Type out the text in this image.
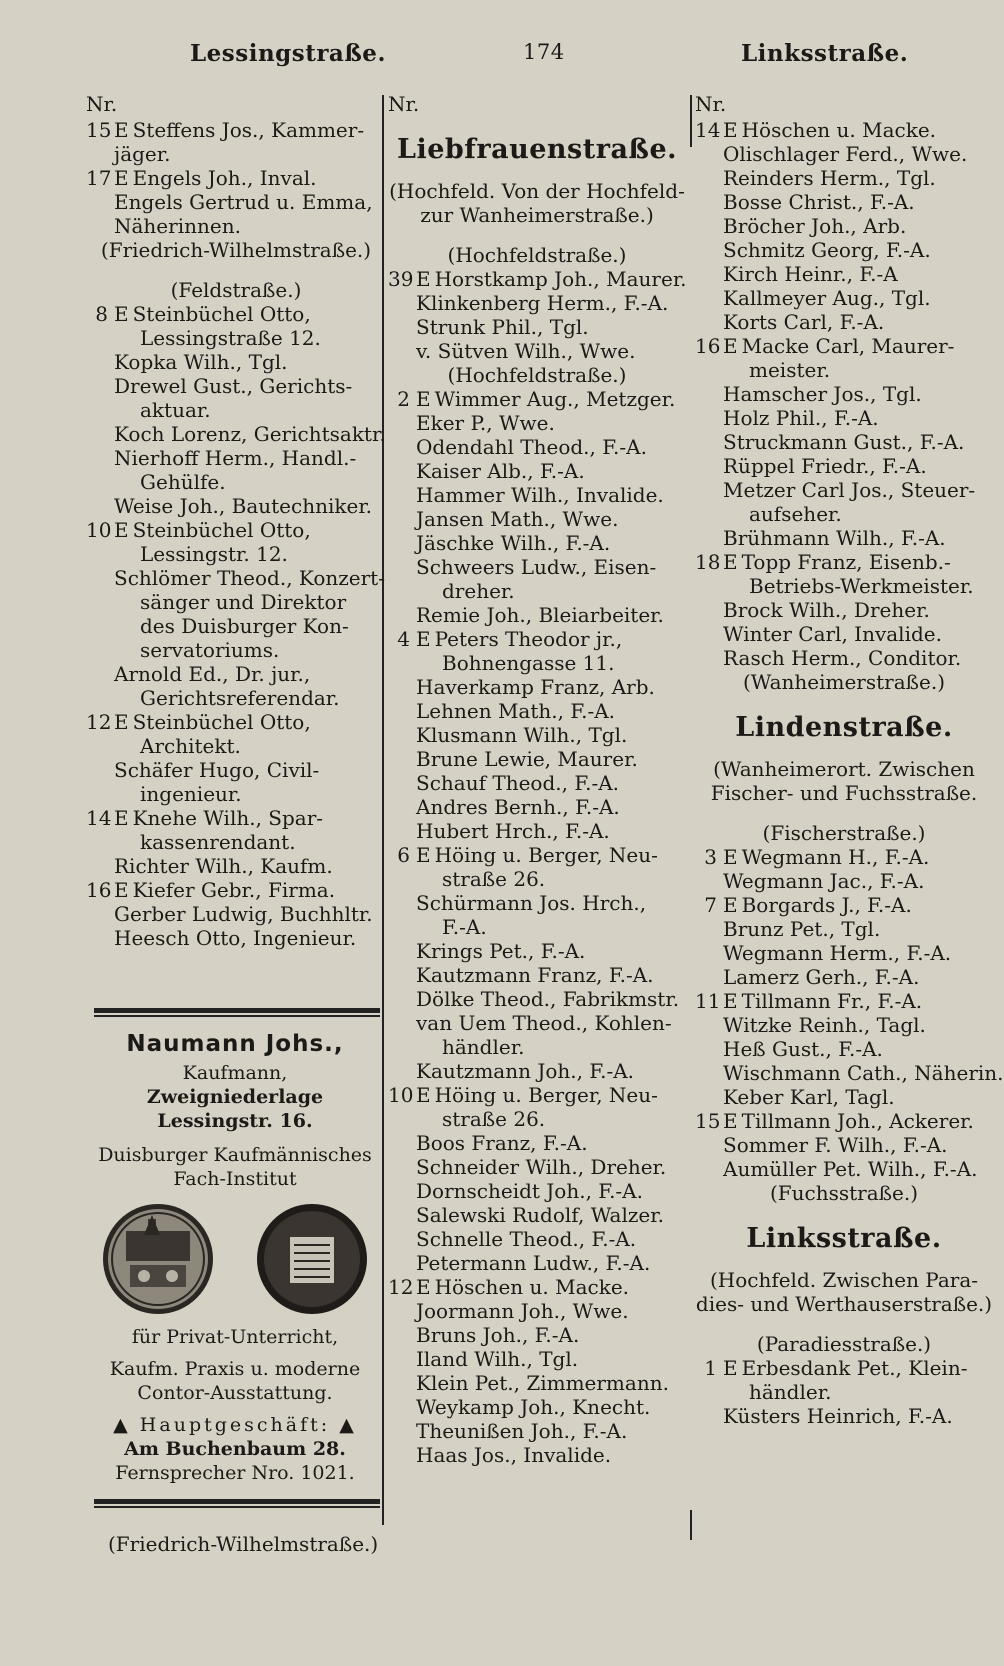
Lessingstraße.	174	Linksstraße.
Nr.
15 E Steffens Jos., Kammer-
jäger.
17 E Engels Joh., Inval.
Engels Gertrud u. Emma,
Näherinnen.
(Friedrich-Wilhelmstraße.)
(Feldstraße.)
8 E Steinbüchel Otto,
Lessingstraße 12.
Kopka Wilh., Tgl.
Drewel Gust., Gerichts-
aktuar.
Koch Lorenz, Gerichtsaktr.
Nierhoff Herm., Handl.-
Gehülfe.
Weise Joh., Bautechniker.
10 E Steinbüchel Otto,
Lessingstr. 12.
Schlömer Theod., Konzert-
sänger und Direktor
des Duisburger Kon-
servatoriums.
Arnold Ed., Dr. jur.,
Gerichtsreferendar.
12 E Steinbüchel Otto,
Architekt.
Schäfer Hugo, Civil-
ingenieur.
14 E Knehe Wilh., Spar-
kassenrendant.
Richter Wilh., Kaufm.
16 E Kiefer Gebr., Firma.
Gerber Ludwig, Buchhltr.
Heesch Otto, Ingenieur.
Nr.
Liebfrauenstraße.
(Hochfeld. Von der Hochfeld-
zur Wanheimerstraße.)
(Hochfeldstraße.)
39 E Horstkamp Joh., Maurer.
Klinkenberg Herm., F.-A.
Strunk Phil., Tgl.
v. Sütven Wilh., Wwe.
(Hochfeldstraße.)
2 E Wimmer Aug., Metzger.
Eker P., Wwe.
Odendahl Theod., F.-A.
Kaiser Alb., F.-A.
Hammer Wilh., Invalide.
Jansen Math., Wwe.
Jäschke Wilh., F.-A.
Schweers Ludw., Eisen-
dreher.
Remie Joh., Bleiarbeiter.
4 E Peters Theodor jr.,
Bohnengasse 11.
Haverkamp Franz, Arb.
Lehnen Math., F.-A.
Klusmann Wilh., Tgl.
Brune Lewie, Maurer.
Schauf Theod., F.-A.
Andres Bernh., F.-A.
Hubert Hrch., F.-A.
6 E Höing u. Berger, Neu-
straße 26.
Schürmann Jos. Hrch.,
F.-A.
Krings Pet., F.-A.
Kautzmann Franz, F.-A.
Dölke Theod., Fabrikmstr.
van Uem Theod., Kohlen-
händler.
Kautzmann Joh., F.-A.
10 E Höing u. Berger, Neu-
straße 26.
Boos Franz, F.-A.
Schneider Wilh., Dreher.
Dornscheidt Joh., F.-A.
Salewski Rudolf, Walzer.
Schnelle Theod., F.-A.
Petermann Ludw., F.-A.
12 E Höschen u. Macke.
Joormann Joh., Wwe.
Bruns Joh., F.-A.
Iland Wilh., Tgl.
Klein Pet., Zimmermann.
Weykamp Joh., Knecht.
Theunißen Joh., F.-A.
Haas Jos., Invalide.
Nr.
14 E Höschen u. Macke.
Olischlager Ferd., Wwe.
Reinders Herm., Tgl.
Bosse Christ., F.-A.
Bröcher Joh., Arb.
Schmitz Georg, F.-A.
Kirch Heinr., F.-A
Kallmeyer Aug., Tgl.
Korts Carl, F.-A.
16 E Macke Carl, Maurer-
meister.
Hamscher Jos., Tgl.
Holz Phil., F.-A.
Struckmann Gust., F.-A.
Rüppel Friedr., F.-A.
Metzer Carl Jos., Steuer-
aufseher.
Brühmann Wilh., F.-A.
18 E Topp Franz, Eisenb.-
Betriebs-Werkmeister.
Brock Wilh., Dreher.
Winter Carl, Invalide.
Rasch Herm., Conditor.
(Wanheimerstraße.)
Lindenstraße.
(Wanheimerort. Zwischen
Fischer- und Fuchsstraße.
(Fischerstraße.)
3 E Wegmann H., F.-A.
Wegmann Jac., F.-A.
7 E Borgards J., F.-A.
Brunz Pet., Tgl.
Wegmann Herm., F.-A.
Lamerz Gerh., F.-A.
11 E Tillmann Fr., F.-A.
Witzke Reinh., Tagl.
Heß Gust., F.-A.
Wischmann Cath., Näherin.
Keber Karl, Tagl.
15 E Tillmann Joh., Ackerer.
Sommer F. Wilh., F.-A.
Aumüller Pet. Wilh., F.-A.
(Fuchsstraße.)
Linksstraße.
(Hochfeld. Zwischen Para-
dies- und Werthauserstraße.)
(Paradiesstraße.)
1 E Erbesdank Pet., Klein-
händler.
Küsters Heinrich, F.-A.
Naumann Johs.,
Kaufmann,
Zweigniederlage Lessingstr. 16.
Duisburger Kaufmännisches
Fach-Institut
für Privat-Unterricht,
Kaufm. Praxis u. moderne
Contor-Ausstattung.
▲ Hauptgeschäft: ▲
Am Buchenbaum 28.
Fernsprecher Nro. 1021.
(Friedrich-Wilhelmstraße.)
